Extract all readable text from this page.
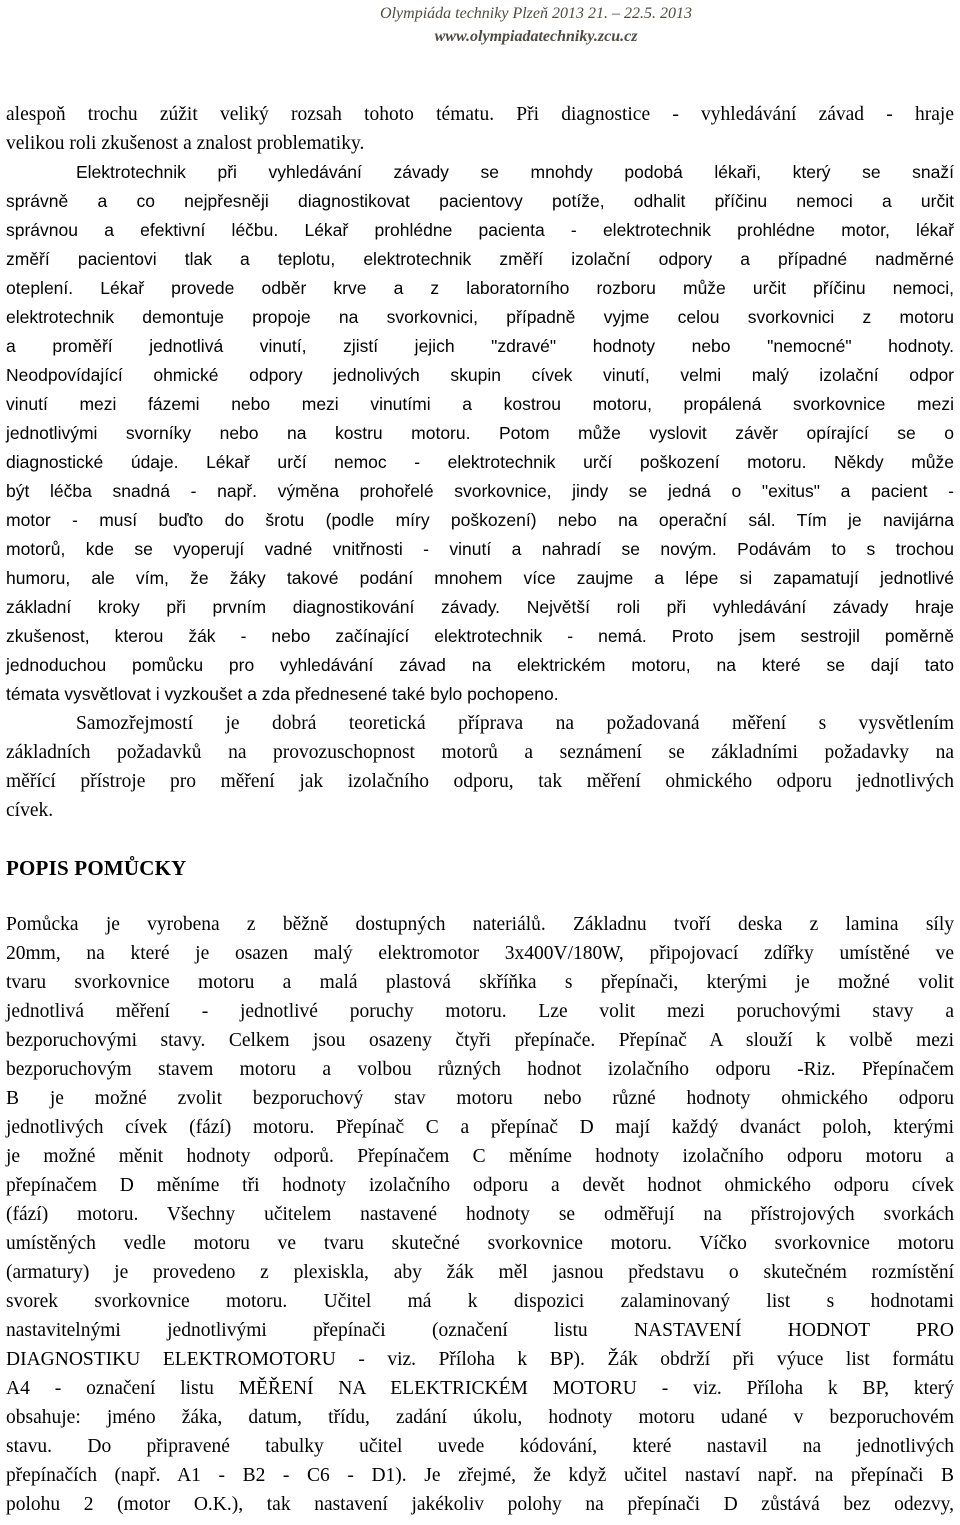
Olympiáda techniky Plzeň 2013 21. – 22.5. 2013
www.olympiadatechniky.zcu.cz

alespoň trochu zúžit veliký rozsah tohoto tématu. Při diagnostice - vyhledávání závad - hraje
velikou roli zkušenost a znalost problematiky.

Elektrotechnik při vyhledávání závady se mnohdy podobá lékaři, který se snaží
správně a co nejpřesněji diagnostikovat pacientovy potíže, odhalit příčinu nemoci a určit
správnou a efektivní léčbu. Lékař prohlédne pacienta - elektrotechnik prohlédne motor, lékař
změří pacientovi tlak a teplotu, elektrotechnik změří izolační odpory a případné nadměrné
oteplení. Lékař provede odběr krve a z laboratorního rozboru může určit příčinu nemoci,
elektrotechnik demontuje propoje na svorkovnici, případně vyjme celou svorkovnici z motoru
a proměří jednotlivá vinutí, zjistí jejich "zdravé" hodnoty nebo "nemocné" hodnoty.
Neodpovídající ohmické odpory jednolivých skupin cívek vinutí, velmi malý izolační odpor
vinutí mezi fázemi nebo mezi vinutími a kostrou motoru, propálená svorkovnice mezi
jednotlivými svorníky nebo na kostru motoru. Potom může vyslovit závěr opírající se o
diagnostické údaje. Lékař určí nemoc - elektrotechnik určí poškození motoru. Někdy může
být léčba snadná - např. výměna prohořelé svorkovnice, jindy se jedná o "exitus" a pacient -
motor - musí buďto do šrotu (podle míry poškození) nebo na operační sál. Tím je navijárna
motorů, kde se vyoperují vadné vnitřnosti - vinutí a nahradí se novým. Podávám to s trochou
humoru, ale vím, že žáky takové podání mnohem více zaujme a lépe si zapamatují jednotlivé
základní kroky při prvním diagnostikování závady. Největší roli při vyhledávání závady hraje
zkušenost, kterou žák - nebo začínající elektrotechnik - nemá. Proto jsem sestrojil poměrně
jednoduchou pomůcku pro vyhledávání závad na elektrickém motoru, na které se dají tato
témata vysvětlovat i vyzkoušet a zda přednesené také bylo pochopeno.

Samozřejmostí je dobrá teoretická příprava na požadovaná měření s vysvětlením
základních požadavků na provozuschopnost motorů a seznámení se základními požadavky na
měřící přístroje pro měření jak izolačního odporu, tak měření ohmického odporu jednotlivých
cívek.

POPIS POMŮCKY

Pomůcka je vyrobena z běžně dostupných nateriálů. Základnu tvoří deska z lamina síly
20mm, na které je osazen malý elektromotor 3x400V/180W, připojovací zdířky umístěné ve
tvaru svorkovnice motoru a malá plastová skříňka s přepínači, kterými je možné volit
jednotlivá měření - jednotlivé poruchy motoru. Lze volit mezi poruchovými stavy a
bezporuchovými stavy. Celkem jsou osazeny čtyři přepínače. Přepínač A slouží k volbě mezi
bezporuchovým stavem motoru a volbou různých hodnot izolačního odporu -Riz. Přepínačem
B je možné zvolit bezporuchový stav motoru nebo různé hodnoty ohmického odporu
jednotlivých cívek (fází) motoru. Přepínač C a přepínač D mají každý dvanáct poloh, kterými
je možné měnit hodnoty odporů. Přepínačem C měníme hodnoty izolačního odporu motoru a
přepínačem D měníme tři hodnoty izolačního odporu a devět hodnot ohmického odporu cívek
(fází) motoru. Všechny učitelem nastavené hodnoty se odměřují na přístrojových svorkách
umístěných vedle motoru ve tvaru skutečné svorkovnice motoru. Víčko svorkovnice motoru
(armatury) je provedeno z plexiskla, aby žák měl jasnou představu o skutečném rozmístění
svorek svorkovnice motoru. Učitel má k dispozici zalaminovaný list s hodnotami
nastavitelnými jednotlivými přepínači (označení listu NASTAVENÍ HODNOT PRO
DIAGNOSTIKU ELEKTROMOTORU - viz. Příloha k BP). Žák obdrží při výuce list formátu
A4 - označení listu MĚŘENÍ NA ELEKTRICKÉM MOTORU - viz. Příloha k BP, který
obsahuje: jméno žáka, datum, třídu, zadání úkolu, hodnoty motoru udané v bezporuchovém
stavu. Do připravené tabulky učitel uvede kódování, které nastavil na jednotlivých
přepínačích (např. A1 - B2 - C6 - D1). Je zřejmé, že když učitel nastaví např. na přepínači B
polohu 2 (motor O.K.), tak nastavení jakékoliv polohy na přepínači D zůstává bez odezvy,
